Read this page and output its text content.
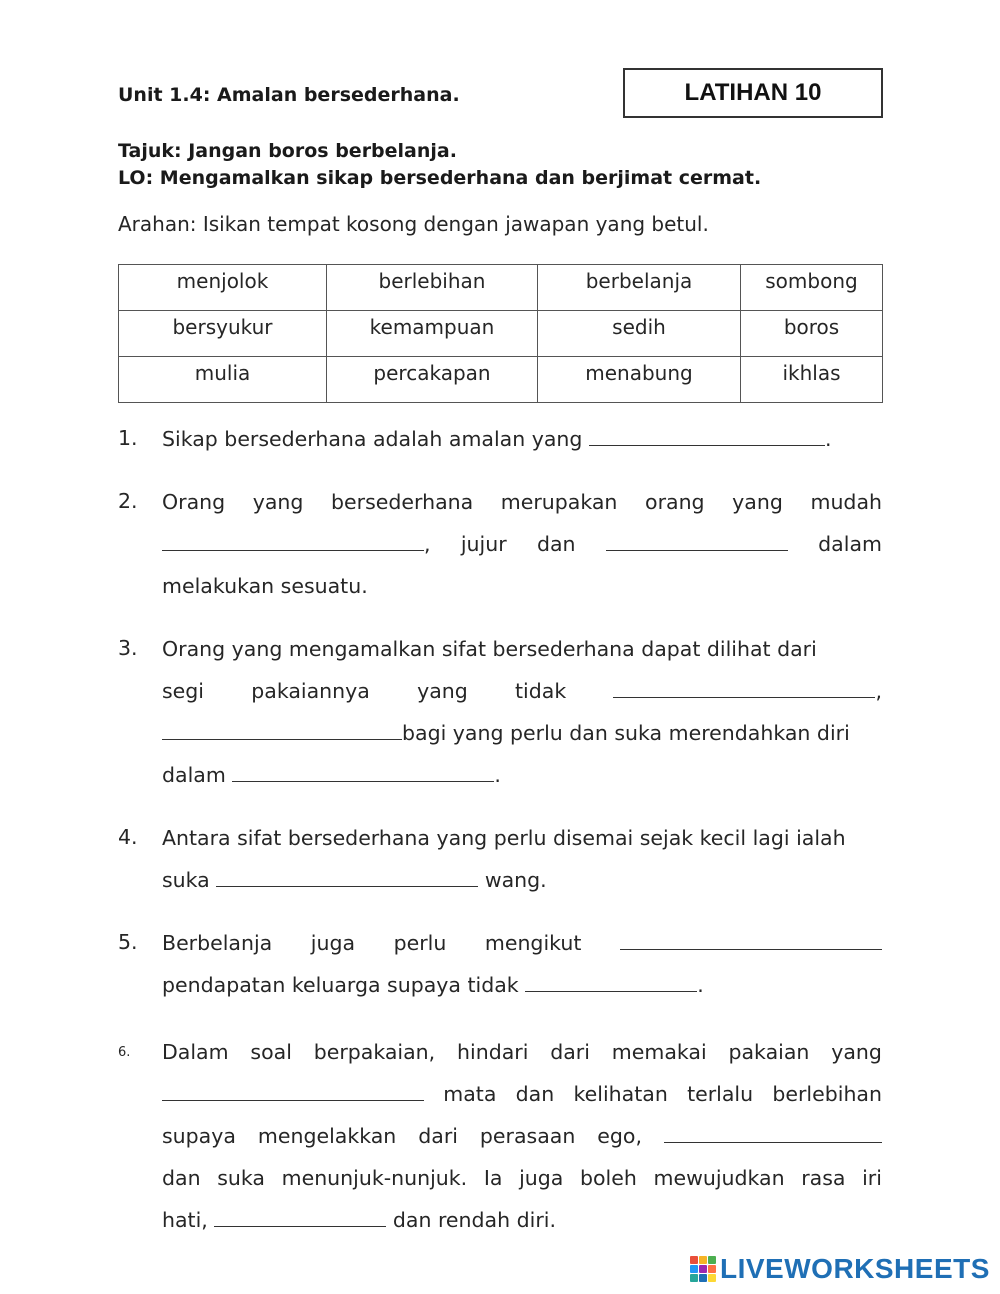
Unit 1.4: Amalan bersederhana.	LATIHAN 10
Tajuk: Jangan boros berbelanja.
LO: Mengamalkan sikap bersederhana dan berjimat cermat.
Arahan: Isikan tempat kosong dengan jawapan yang betul.
menjolok	berlebihan	berbelanja	sombong
bersyukur	kemampuan	sedih	boros
mulia	percakapan	menabung	ikhlas
1. Sikap bersederhana adalah amalan yang	.
2. Orang yang bersederhana merupakan orang yang mudah
, jujur dan	dalam
melakukan sesuatu.
3. Orang yang mengamalkan sifat bersederhana dapat dilihat dari
segi pakaiannya yang tidak	,
bagi yang perlu dan suka merendahkan diri
dalam	.
4. Antara sifat bersederhana yang perlu disemai sejak kecil lagi ialah
suka	wang.
5. Berbelanja juga perlu mengikut
pendapatan keluarga supaya tidak	.
6. Dalam soal berpakaian, hindari dari memakai pakaian yang
mata dan kelihatan terlalu berlebihan
supaya mengelakkan dari perasaan ego,
dan suka menunjuk-nunjuk. Ia juga boleh mewujudkan rasa iri
hati,	dan rendah diri.
LIVEWORKSHEETS
